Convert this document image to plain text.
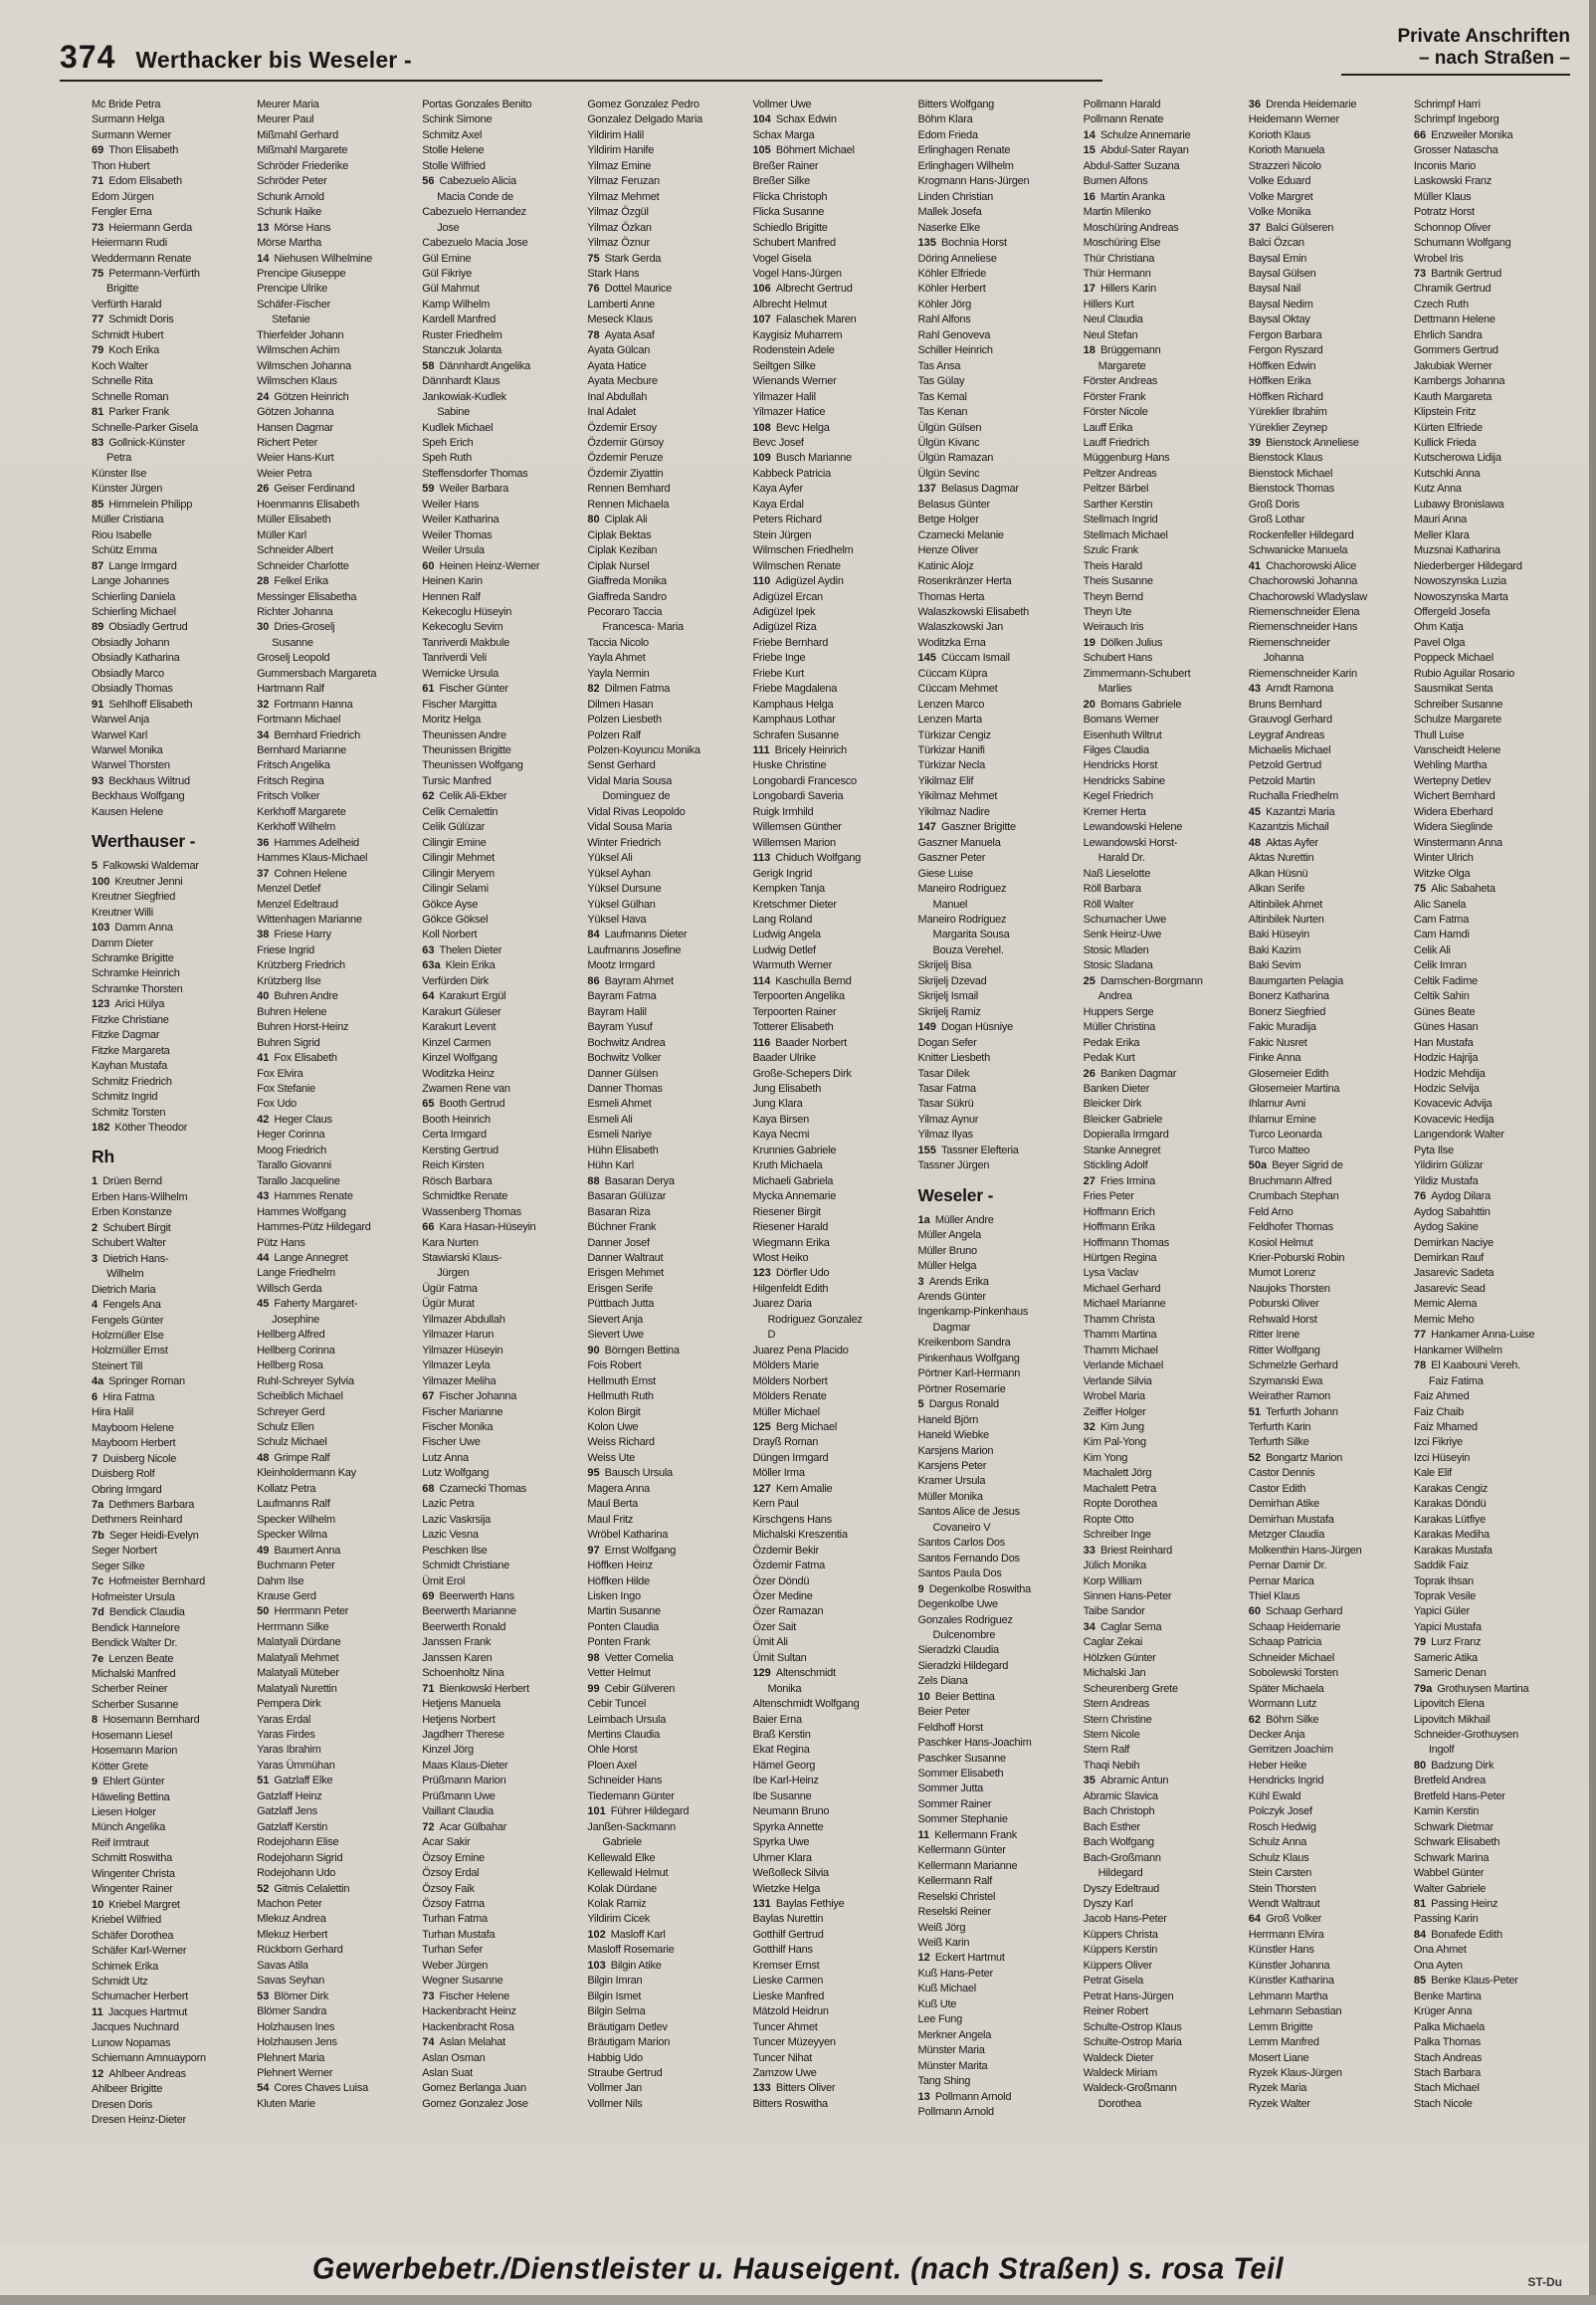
374 Werthacker bis Weseler -
Private Anschriften
– nach Straßen –
Mc Bride Petra
Surmann Helga
Surmann Werner
69 Thon Elisabeth
Thon Hubert
71 Edom Elisabeth
Edom Jürgen
Fengler Erna
73 Heiermann Gerda
Heiermann Rudi
Weddermann Renate
75 Petermann-Verfürth
Brigitte
Verfürth Harald
77 Schmidt Doris
Schmidt Hubert
79 Koch Erika
Koch Walter
Schnelle Rita
Schnelle Roman
81 Parker Frank
Schnelle-Parker Gisela
83 Gollnick-Künster
Petra
Künster Ilse
Künster Jürgen
85 Himmelein Philipp
Müller Cristiana
Riou Isabelle
Schütz Emma
87 Lange Irmgard
Lange Johannes
Schierling Daniela
Schierling Michael
89 Obsiadly Gertrud
Obsiadly Johann
Obsiadly Katharina
Obsiadly Marco
Obsiadly Thomas
91 Sehlhoff Elisabeth
Warwel Anja
Warwel Karl
Warwel Monika
Warwel Thorsten
93 Beckhaus Wiltrud
Beckhaus Wolfgang
Kausen Helene
Werthauser -
5 Falkowski Waldemar
100 Kreutner Jenni
Kreutner Siegfried
Kreutner Willi
103 Damm Anna
Damm Dieter
Schramke Brigitte
Schramke Heinrich
Schramke Thorsten
123 Arici Hülya
Fitzke Christiane
Fitzke Dagmar
Fitzke Margareta
Kayhan Mustafa
Schmitz Friedrich
Schmitz Ingrid
Schmitz Torsten
182 Köther Theodor
Rh
1 Drüen Bernd
Erben Hans-Wilhelm
Erben Konstanze
2 Schubert Birgit
Schubert Walter
3 Dietrich Hans-
Wilhelm
Dietrich Maria
4 Fengels Ana
Fengels Günter
Holzmüller Else
Holzmüller Ernst
Steinert Till
4a Springer Roman
6 Hira Fatma
Hira Halil
Mayboom Helene
Mayboom Herbert
7 Duisberg Nicole
Duisberg Rolf
Obring Irmgard
7a Dethmers Barbara
Dethmers Reinhard
7b Seger Heidi-Evelyn
Seger Norbert
Seger Silke
7c Hofmeister Bernhard
Hofmeister Ursula
7d Bendick Claudia
Bendick Hannelore
Bendick Walter Dr.
7e Lenzen Beate
Michalski Manfred
Scherber Reiner
Scherber Susanne
8 Hosemann Bernhard
Hosemann Liesel
Hosemann Marion
Kötter Grete
9 Ehlert Günter
Häweling Bettina
Liesen Holger
Münch Angelika
Reif Irmtraut
Schmitt Roswitha
Wingenter Christa
Wingenter Rainer
10 Kriebel Margret
Kriebel Wilfried
Schäfer Dorothea
Schäfer Karl-Werner
Schimek Erika
Schmidt Utz
Schumacher Herbert
11 Jacques Hartmut
Jacques Nuchnard
Lunow Nopamas
Schiemann Amnuayporn
12 Ahlbeer Andreas
Ahlbeer Brigitte
Dresen Doris
Dresen Heinz-Dieter
Meurer Maria
Meurer Paul
Mißmahl Gerhard
Mißmahl Margarete
Schröder Friederike
Schröder Peter
Schunk Arnold
Schunk Haike
13 Mörse Hans
Mörse Martha
14 Niehusen Wilhelmine
Prencipe Giuseppe
Prencipe Ulrike
Schäfer-Fischer
Stefanie
Thierfelder Johann
Wilmschen Achim
Wilmschen Johanna
Wilmschen Klaus
24 Götzen Heinrich
Götzen Johanna
Hansen Dagmar
Richert Peter
Weier Hans-Kurt
Weier Petra
26 Geiser Ferdinand
Hoenmanns Elisabeth
Müller Elisabeth
Müller Karl
Schneider Albert
Schneider Charlotte
28 Felkel Erika
Messinger Elisabetha
Richter Johanna
30 Dries-Groselj
Susanne
Groselj Leopold
Gummersbach Margareta
Hartmann Ralf
32 Fortmann Hanna
Fortmann Michael
34 Bernhard Friedrich
Bernhard Marianne
Fritsch Angelika
Fritsch Regina
Fritsch Volker
Kerkhoff Margarete
Kerkhoff Wilhelm
36 Hammes Adelheid
Hammes Klaus-Michael
37 Cohnen Helene
Menzel Detlef
Menzel Edeltraud
Wittenhagen Marianne
38 Friese Harry
Friese Ingrid
Krützberg Friedrich
Krützberg Ilse
40 Buhren Andre
Buhren Helene
Buhren Horst-Heinz
Buhren Sigrid
41 Fox Elisabeth
Fox Elvira
Fox Stefanie
Fox Udo
42 Heger Claus
Heger Corinna
Moog Friedrich
Tarallo Giovanni
Tarallo Jacqueline
43 Hammes Renate
Hammes Wolfgang
Hammes-Pütz Hildegard
Pütz Hans
44 Lange Annegret
Lange Friedhelm
Willsch Gerda
45 Faherty Margaret-
Josephine
Hellberg Alfred
Hellberg Corinna
Hellberg Rosa
Ruhl-Schreyer Sylvia
Scheiblich Michael
Schreyer Gerd
Schulz Ellen
Schulz Michael
48 Grimpe Ralf
Kleinholdermann Kay
Kollatz Petra
Laufmanns Ralf
Specker Wilhelm
Specker Wilma
49 Baumert Anna
Buchmann Peter
Dahm Ilse
Krause Gerd
50 Herrmann Peter
Herrmann Silke
Malatyali Dürdane
Malatyali Mehmet
Malatyali Müteber
Malatyali Nurettin
Pempera Dirk
Yaras Erdal
Yaras Firdes
Yaras Ibrahim
Yaras Ümmühan
51 Gatzlaff Elke
Gatzlaff Heinz
Gatzlaff Jens
Gatzlaff Kerstin
Rodejohann Elise
Rodejohann Sigrid
Rodejohann Udo
52 Gitmis Celalettin
Machon Peter
Mlekuz Andrea
Mlekuz Herbert
Rückborn Gerhard
Savas Atila
Savas Seyhan
53 Blömer Dirk
Blömer Sandra
Holzhausen Ines
Holzhausen Jens
Plehnert Maria
Plehnert Werner
54 Cores Chaves Luisa
Kluten Marie
Portas Gonzales Benito
Schink Simone
Schmitz Axel
Stolle Helene
Stolle Wilfried
56 Cabezuelo Alicia
Macia Conde de
Cabezuelo Hernandez
Jose
Cabezuelo Macia Jose
Gül Emine
Gül Fikriye
Gül Mahmut
Kamp Wilhelm
Kardell Manfred
Ruster Friedhelm
Stanczuk Jolanta
58 Dännhardt Angelika
Dännhardt Klaus
Jankowiak-Kudlek
Sabine
Kudlek Michael
Speh Erich
Speh Ruth
Steffensdorfer Thomas
59 Weiler Barbara
Weiler Hans
Weiler Katharina
Weiler Thomas
Weiler Ursula
60 Heinen Heinz-Werner
Heinen Karin
Hennen Ralf
Kekecoglu Hüseyin
Kekecoglu Sevim
Tanriverdi Makbule
Tanriverdi Veli
Wernicke Ursula
61 Fischer Günter
Fischer Margitta
Moritz Helga
Theunissen Andre
Theunissen Brigitte
Theunissen Wolfgang
Tursic Manfred
62 Celik Ali-Ekber
Celik Cemalettin
Celik Gülüzar
Cilingir Emine
Cilingir Mehmet
Cilingir Meryem
Cilingir Selami
Gökce Ayse
Gökce Göksel
Koll Norbert
63 Thelen Dieter
63a Klein Erika
Verfürden Dirk
64 Karakurt Ergül
Karakurt Güleser
Karakurt Levent
Kinzel Carmen
Kinzel Wolfgang
Woditzka Heinz
Zwamen Rene van
65 Booth Gertrud
Booth Heinrich
Certa Irmgard
Kersting Gertrud
Reich Kirsten
Rösch Barbara
Schmidtke Renate
Wassenberg Thomas
66 Kara Hasan-Hüseyin
Kara Nurten
Stawiarski Klaus-
Jürgen
Ügür Fatma
Ügür Murat
Yilmazer Abdullah
Yilmazer Harun
Yilmazer Hüseyin
Yilmazer Leyla
Yilmazer Meliha
67 Fischer Johanna
Fischer Marianne
Fischer Monika
Fischer Uwe
Lutz Anna
Lutz Wolfgang
68 Czarnecki Thomas
Lazic Petra
Lazic Vaskrsija
Lazic Vesna
Peschken Ilse
Schmidt Christiane
Ümit Erol
69 Beerwerth Hans
Beerwerth Marianne
Beerwerth Ronald
Janssen Frank
Janssen Karen
Schoenholtz Nina
71 Bienkowski Herbert
Hetjens Manuela
Hetjens Norbert
Jagdherr Therese
Kinzel Jörg
Maas Klaus-Dieter
Prüßmann Marion
Prüßmann Uwe
Vaillant Claudia
72 Acar Gülbahar
Acar Sakir
Özsoy Emine
Özsoy Erdal
Özsoy Faik
Özsoy Fatma
Turhan Fatma
Turhan Mustafa
Turhan Sefer
Weber Jürgen
Wegner Susanne
73 Fischer Helene
Hackenbracht Heinz
Hackenbracht Rosa
74 Aslan Melahat
Aslan Osman
Aslan Suat
Gomez Berlanga Juan
Gomez Gonzalez Jose
Gomez Gonzalez Pedro
Gonzalez Delgado Maria
Yildirim Halil
Yildirim Hanife
Yilmaz Emine
Yilmaz Feruzan
Yilmaz Mehmet
Yilmaz Özgül
Yilmaz Özkan
Yilmaz Öznur
75 Stark Gerda
Stark Hans
76 Dottel Maurice
Lamberti Anne
Meseck Klaus
78 Ayata Asaf
Ayata Gülcan
Ayata Hatice
Ayata Mecbure
Inal Abdullah
Inal Adalet
Özdemir Ersoy
Özdemir Gürsoy
Özdemir Peruze
Özdemir Ziyattin
Rennen Bernhard
Rennen Michaela
80 Ciplak Ali
Ciplak Bektas
Ciplak Keziban
Ciplak Nursel
Giaffreda Monika
Giaffreda Sandro
Pecoraro Taccia
Francesca- Maria
Taccia Nicolo
Yayla Ahmet
Yayla Nermin
82 Dilmen Fatma
Dilmen Hasan
Polzen Liesbeth
Polzen Ralf
Polzen-Koyuncu Monika
Senst Gerhard
Vidal Maria Sousa
Dominguez de
Vidal Rivas Leopoldo
Vidal Sousa Maria
Winter Friedrich
Yüksel Ali
Yüksel Ayhan
Yüksel Dursune
Yüksel Gülhan
Yüksel Hava
84 Laufmanns Dieter
Laufmanns Josefine
Mootz Irmgard
86 Bayram Ahmet
Bayram Fatma
Bayram Halil
Bayram Yusuf
Bochwitz Andrea
Bochwitz Volker
Danner Gülsen
Danner Thomas
Esmeli Ahmet
Esmeli Ali
Esmeli Nariye
Hühn Elisabeth
Hühn Karl
88 Basaran Derya
Basaran Gülüzar
Basaran Riza
Büchner Frank
Danner Josef
Danner Waltraut
Erisgen Mehmet
Erisgen Serife
Püttbach Jutta
Sievert Anja
Sievert Uwe
90 Börngen Bettina
Fois Robert
Hellmuth Ernst
Hellmuth Ruth
Kolon Birgit
Kolon Uwe
Weiss Richard
Weiss Ute
95 Bausch Ursula
Magera Anna
Maul Berta
Maul Fritz
Wröbel Katharina
97 Ernst Wolfgang
Höffken Heinz
Höffken Hilde
Lisken Ingo
Martin Susanne
Ponten Claudia
Ponten Frank
98 Vetter Cornelia
Vetter Helmut
99 Cebir Gülveren
Cebir Tuncel
Leimbach Ursula
Mertins Claudia
Ohle Horst
Ploen Axel
Schneider Hans
Tiedemann Günter
101 Führer Hildegard
Janßen-Sackmann
Gabriele
Kellewald Elke
Kellewald Helmut
Kolak Dürdane
Kolak Ramiz
Yildirim Cicek
102 Masloff Karl
Masloff Rosemarie
103 Bilgin Atike
Bilgin Imran
Bilgin Ismet
Bilgin Selma
Bräutigam Detlev
Bräutigam Marion
Habbig Udo
Straube Gertrud
Vollmer Jan
Vollmer Nils
Vollmer Uwe
104 Schax Edwin
Schax Marga
105 Böhmert Michael
Breßer Rainer
Breßer Silke
Flicka Christoph
Flicka Susanne
Schiedlo Brigitte
Schubert Manfred
Vogel Gisela
Vogel Hans-Jürgen
106 Albrecht Gertrud
Albrecht Helmut
107 Falaschek Maren
Kaygisiz Muharrem
Rodenstein Adele
Seiltgen Silke
Wienands Werner
Yilmazer Halil
Yilmazer Hatice
108 Bevc Helga
Bevc Josef
109 Busch Marianne
Kabbeck Patricia
Kaya Ayfer
Kaya Erdal
Peters Richard
Stein Jürgen
Wilmschen Friedhelm
Wilmschen Renate
110 Adigüzel Aydin
Adigüzel Ercan
Adigüzel Ipek
Adigüzel Riza
Friebe Bernhard
Friebe Inge
Friebe Kurt
Friebe Magdalena
Kamphaus Helga
Kamphaus Lothar
Schrafen Susanne
111 Bricely Heinrich
Huske Christine
Longobardi Francesco
Longobardi Saveria
Ruigk Irmhild
Willemsen Günther
Willemsen Marion
113 Chiduch Wolfgang
Gerigk Ingrid
Kempken Tanja
Kretschmer Dieter
Lang Roland
Ludwig Angela
Ludwig Detlef
Warmuth Werner
114 Kaschulla Bernd
Terpoorten Angelika
Terpoorten Rainer
Totterer Elisabeth
116 Baader Norbert
Baader Ulrike
Große-Schepers Dirk
Jung Elisabeth
Jung Klara
Kaya Birsen
Kaya Necmi
Krunnies Gabriele
Kruth Michaela
Michaeli Gabriela
Mycka Annemarie
Riesener Birgit
Riesener Harald
Wiegmann Erika
Wlost Heiko
123 Dörfler Udo
Hilgenfeldt Edith
Juarez Daria
Rodriguez Gonzalez
D
Juarez Pena Placido
Mölders Marie
Mölders Norbert
Mölders Renate
Müller Michael
125 Berg Michael
Drayß Roman
Düngen Irmgard
Möller Irma
127 Kern Amalie
Kern Paul
Kirschgens Hans
Michalski Kreszentia
Özdemir Bekir
Özdemir Fatma
Özer Döndü
Özer Medine
Özer Ramazan
Özer Sait
Ümit Ali
Ümit Sultan
129 Altenschmidt
Monika
Altenschmidt Wolfgang
Baier Erna
Braß Kerstin
Ekat Regina
Hämel Georg
Ibe Karl-Heinz
Ibe Susanne
Neumann Bruno
Spyrka Annette
Spyrka Uwe
Uhrner Klara
Weßolleck Silvia
Wietzke Helga
131 Baylas Fethiye
Baylas Nurettin
Gotthilf Gertrud
Gotthilf Hans
Kremser Ernst
Lieske Carmen
Lieske Manfred
Mätzold Heidrun
Tuncer Ahmet
Tuncer Müzeyyen
Tuncer Nihat
Zamzow Uwe
133 Bitters Oliver
Bitters Roswitha
Bitters Wolfgang
Böhm Klara
Edom Frieda
Erlinghagen Renate
Erlinghagen Wilhelm
Krogmann Hans-Jürgen
Linden Christian
Mallek Josefa
Naserke Elke
135 Bochnia Horst
Döring Anneliese
Köhler Elfriede
Köhler Herbert
Köhler Jörg
Rahl Alfons
Rahl Genoveva
Schiller Heinrich
Tas Ansa
Tas Gülay
Tas Kemal
Tas Kenan
Ülgün Gülsen
Ülgün Kivanc
Ülgün Ramazan
Ülgün Sevinc
137 Belasus Dagmar
Belasus Günter
Betge Holger
Czarnecki Melanie
Henze Oliver
Katinic Alojz
Rosenkränzer Herta
Thomas Herta
Walaszkowski Elisabeth
Walaszkowski Jan
Woditzka Erna
145 Cüccam Ismail
Cüccam Küpra
Cüccam Mehmet
Lenzen Marco
Lenzen Marta
Türkizar Cengiz
Türkizar Hanifi
Türkizar Necla
Yikilmaz Elif
Yikilmaz Mehmet
Yikilmaz Nadire
147 Gaszner Brigitte
Gaszner Manuela
Gaszner Peter
Giese Luise
Maneiro Rodriguez
Manuel
Maneiro Rodriguez
Margarita Sousa
Bouza Verehel.
Skrijelj Bisa
Skrijelj Dzevad
Skrijelj Ismail
Skrijelj Ramiz
149 Dogan Hüsniye
Dogan Sefer
Knitter Liesbeth
Tasar Dilek
Tasar Fatma
Tasar Sükrü
Yilmaz Aynur
Yilmaz Ilyas
155 Tassner Elefteria
Tassner Jürgen
Weseler -
1a Müller Andre
Müller Angela
Müller Bruno
Müller Helga
3 Arends Erika
Arends Günter
Ingenkamp-Pinkenhaus
Dagmar
Kreikenbom Sandra
Pinkenhaus Wolfgang
Pörtner Karl-Hermann
Pörtner Rosemarie
5 Dargus Ronald
Haneld Björn
Haneld Wiebke
Karsjens Marion
Karsjens Peter
Kramer Ursula
Müller Monika
Santos Alice de Jesus
Covaneiro V
Santos Carlos Dos
Santos Fernando Dos
Santos Paula Dos
9 Degenkolbe Roswitha
Degenkolbe Uwe
Gonzales Rodriguez
Dulcenombre
Sieradzki Claudia
Sieradzki Hildegard
Zels Diana
10 Beier Bettina
Beier Peter
Feldhoff Horst
Paschker Hans-Joachim
Paschker Susanne
Sommer Elisabeth
Sommer Jutta
Sommer Rainer
Sommer Stephanie
11 Kellermann Frank
Kellermann Günter
Kellermann Marianne
Kellermann Ralf
Reselski Christel
Reselski Reiner
Weiß Jörg
Weiß Karin
12 Eckert Hartmut
Kuß Hans-Peter
Kuß Michael
Kuß Ute
Lee Fung
Merkner Angela
Münster Maria
Münster Marita
Tang Shing
13 Pollmann Arnold
Pollmann Arnold
Pollmann Harald
Pollmann Renate
14 Schulze Annemarie
15 Abdul-Sater Rayan
Abdul-Satter Suzana
Bumen Alfons
16 Martin Aranka
Martin Milenko
Moschüring Andreas
Moschüring Else
Thür Christiana
Thür Hermann
17 Hillers Karin
Hillers Kurt
Neul Claudia
Neul Stefan
18 Brüggemann
Margarete
Förster Andreas
Förster Frank
Förster Nicole
Lauff Erika
Lauff Friedrich
Müggenburg Hans
Peltzer Andreas
Peltzer Bärbel
Sarther Kerstin
Stellmach Ingrid
Stellmach Michael
Szulc Frank
Theis Harald
Theis Susanne
Theyn Bernd
Theyn Ute
Weirauch Iris
19 Dölken Julius
Schubert Hans
Zimmermann-Schubert
Marlies
20 Bomans Gabriele
Bomans Werner
Eisenhuth Wiltrut
Filges Claudia
Hendricks Horst
Hendricks Sabine
Kegel Friedrich
Kremer Herta
Lewandowski Helene
Lewandowski Horst-
Harald Dr.
Naß Lieselotte
Röll Barbara
Röll Walter
Schumacher Uwe
Senk Heinz-Uwe
Stosic Mladen
Stosic Sladana
25 Damschen-Borgmann
Andrea
Huppers Serge
Müller Christina
Pedak Erika
Pedak Kurt
26 Banken Dagmar
Banken Dieter
Bleicker Dirk
Bleicker Gabriele
Dopieralla Irmgard
Stanke Annegret
Stickling Adolf
27 Fries Irmina
Fries Peter
Hoffmann Erich
Hoffmann Erika
Hoffmann Thomas
Hürtgen Regina
Lysa Vaclav
Michael Gerhard
Michael Marianne
Thamm Christa
Thamm Martina
Thamm Michael
Verlande Michael
Verlande Silvia
Wrobel Maria
Zeiffer Holger
32 Kim Jung
Kim Pal-Yong
Kim Yong
Machalett Jörg
Machalett Petra
Ropte Dorothea
Ropte Otto
Schreiber Inge
33 Briest Reinhard
Jülich Monika
Korp William
Sinnen Hans-Peter
Taibe Sandor
34 Caglar Sema
Caglar Zekai
Hölzken Günter
Michalski Jan
Scheurenberg Grete
Stern Andreas
Stern Christine
Stern Nicole
Stern Ralf
Thaqi Nebih
35 Abramic Antun
Abramic Slavica
Bach Christoph
Bach Esther
Bach Wolfgang
Bach-Großmann
Hildegard
Dyszy Edeltraud
Dyszy Karl
Jacob Hans-Peter
Küppers Christa
Küppers Kerstin
Küppers Oliver
Petrat Gisela
Petrat Hans-Jürgen
Reiner Robert
Schulte-Ostrop Klaus
Schulte-Ostrop Maria
Waldeck Dieter
Waldeck Miriam
Waldeck-Großmann
Dorothea
36 Drenda Heidemarie
Heidemann Werner
Korioth Klaus
Korioth Manuela
Strazzeri Nicolo
Volke Eduard
Volke Margret
Volke Monika
37 Balci Gülseren
Balci Özcan
Baysal Emin
Baysal Gülsen
Baysal Nail
Baysal Nedim
Baysal Oktay
Fergon Barbara
Fergon Ryszard
Höffken Edwin
Höffken Erika
Höffken Richard
Yüreklier Ibrahim
Yüreklier Zeynep
39 Bienstock Anneliese
Bienstock Klaus
Bienstock Michael
Bienstock Thomas
Groß Doris
Groß Lothar
Rockenfeller Hildegard
Schwanicke Manuela
41 Chachorowski Alice
Chachorowski Johanna
Chachorowski Wladyslaw
Riemenschneider Elena
Riemenschneider Hans
Riemenschneider
Johanna
Riemenschneider Karin
43 Arndt Ramona
Bruns Bernhard
Grauvogl Gerhard
Leygraf Andreas
Michaelis Michael
Petzold Gertrud
Petzold Martin
Ruchalla Friedhelm
45 Kazantzi Maria
Kazantzis Michail
48 Aktas Ayfer
Aktas Nurettin
Alkan Hüsnü
Alkan Serife
Altinbilek Ahmet
Altinbilek Nurten
Baki Hüseyin
Baki Kazim
Baki Sevim
Baumgarten Pelagia
Bonerz Katharina
Bonerz Siegfried
Fakic Muradija
Fakic Nusret
Finke Anna
Glosemeier Edith
Glosemeier Martina
Ihlamur Avni
Ihlamur Emine
Turco Leonarda
Turco Matteo
50a Beyer Sigrid de
Bruchmann Alfred
Crumbach Stephan
Feld Arno
Feldhofer Thomas
Kosiol Helmut
Krier-Poburski Robin
Mumot Lorenz
Naujoks Thorsten
Poburski Oliver
Rehwald Horst
Ritter Irene
Ritter Wolfgang
Schmelzle Gerhard
Szymanski Ewa
Weirather Ramon
51 Terfurth Johann
Terfurth Karin
Terfurth Silke
52 Bongartz Marion
Castor Dennis
Castor Edith
Demirhan Atike
Demirhan Mustafa
Metzger Claudia
Molkenthin Hans-Jürgen
Pernar Damir Dr.
Pernar Marica
Thiel Klaus
60 Schaap Gerhard
Schaap Heidemarie
Schaap Patricia
Schneider Michael
Sobolewski Torsten
Später Michaela
Wormann Lutz
62 Böhm Silke
Decker Anja
Gerritzen Joachim
Heber Heike
Hendricks Ingrid
Kühl Ewald
Polczyk Josef
Rosch Hedwig
Schulz Anna
Schulz Klaus
Stein Carsten
Stein Thorsten
Wendt Waltraut
64 Groß Volker
Herrmann Elvira
Künstler Hans
Künstler Johanna
Künstler Katharina
Lehmann Martha
Lehmann Sebastian
Lemm Brigitte
Lemm Manfred
Mosert Liane
Ryzek Klaus-Jürgen
Ryzek Maria
Ryzek Walter
Schrimpf Harri
Schrimpf Ingeborg
66 Enzweiler Monika
Grosser Natascha
Inconis Mario
Laskowski Franz
Müller Klaus
Potratz Horst
Schonnop Oliver
Schumann Wolfgang
Wrobel Iris
73 Bartnik Gertrud
Chramik Gertrud
Czech Ruth
Dettmann Helene
Ehrlich Sandra
Gommers Gertrud
Jakubiak Werner
Kambergs Johanna
Kauth Margareta
Klipstein Fritz
Kürten Elfriede
Kullick Frieda
Kutscherowa Lidija
Kutschki Anna
Kutz Anna
Lubawy Bronislawa
Mauri Anna
Meller Klara
Muzsnai Katharina
Niederberger Hildegard
Nowoszynska Luzia
Nowoszynska Marta
Offergeld Josefa
Ohm Katja
Pavel Olga
Poppeck Michael
Rubio Aguilar Rosario
Sausmikat Senta
Schreiber Susanne
Schulze Margarete
Thull Luise
Vanscheidt Helene
Wehling Martha
Wertepny Detlev
Wichert Bernhard
Widera Eberhard
Widera Sieglinde
Winstermann Anna
Winter Ulrich
Witzke Olga
75 Alic Sabaheta
Alic Sanela
Cam Fatma
Cam Hamdi
Celik Ali
Celik Imran
Celtik Fadime
Celtik Sahin
Günes Beate
Günes Hasan
Han Mustafa
Hodzic Hajrija
Hodzic Mehdija
Hodzic Selvija
Kovacevic Advija
Kovacevic Hedija
Langendonk Walter
Pyta Ilse
Yildirim Gülizar
Yildiz Mustafa
76 Aydog Dilara
Aydog Sabahttin
Aydog Sakine
Demirkan Naciye
Demirkan Rauf
Jasarevic Sadeta
Jasarevic Sead
Memic Alema
Memic Meho
77 Hankamer Anna-Luise
Hankamer Wilhelm
78 El Kaabouni Vereh.
Faiz Fatima
Faiz Ahmed
Faiz Chaib
Faiz Mhamed
Izci Fikriye
Izci Hüseyin
Kale Elif
Karakas Cengiz
Karakas Döndü
Karakas Lütfiye
Karakas Mediha
Karakas Mustafa
Saddik Faiz
Toprak Ihsan
Toprak Vesile
Yapici Güler
Yapici Mustafa
79 Lurz Franz
Sameric Atika
Sameric Denan
79a Grothuysen Martina
Lipovitch Elena
Lipovitch Mikhail
Schneider-Grothuysen
Ingolf
80 Badzung Dirk
Bretfeld Andrea
Bretfeld Hans-Peter
Kamin Kerstin
Schwark Dietmar
Schwark Elisabeth
Schwark Marina
Wabbel Günter
Walter Gabriele
81 Passing Heinz
Passing Karin
84 Bonafede Edith
Ona Ahmet
Ona Ayten
85 Benke Klaus-Peter
Benke Martina
Krüger Anna
Palka Michaela
Palka Thomas
Stach Andreas
Stach Barbara
Stach Michael
Stach Nicole
Gewerbebetr./Dienstleister u. Hauseigent. (nach Straßen) s. rosa Teil	ST-Du
